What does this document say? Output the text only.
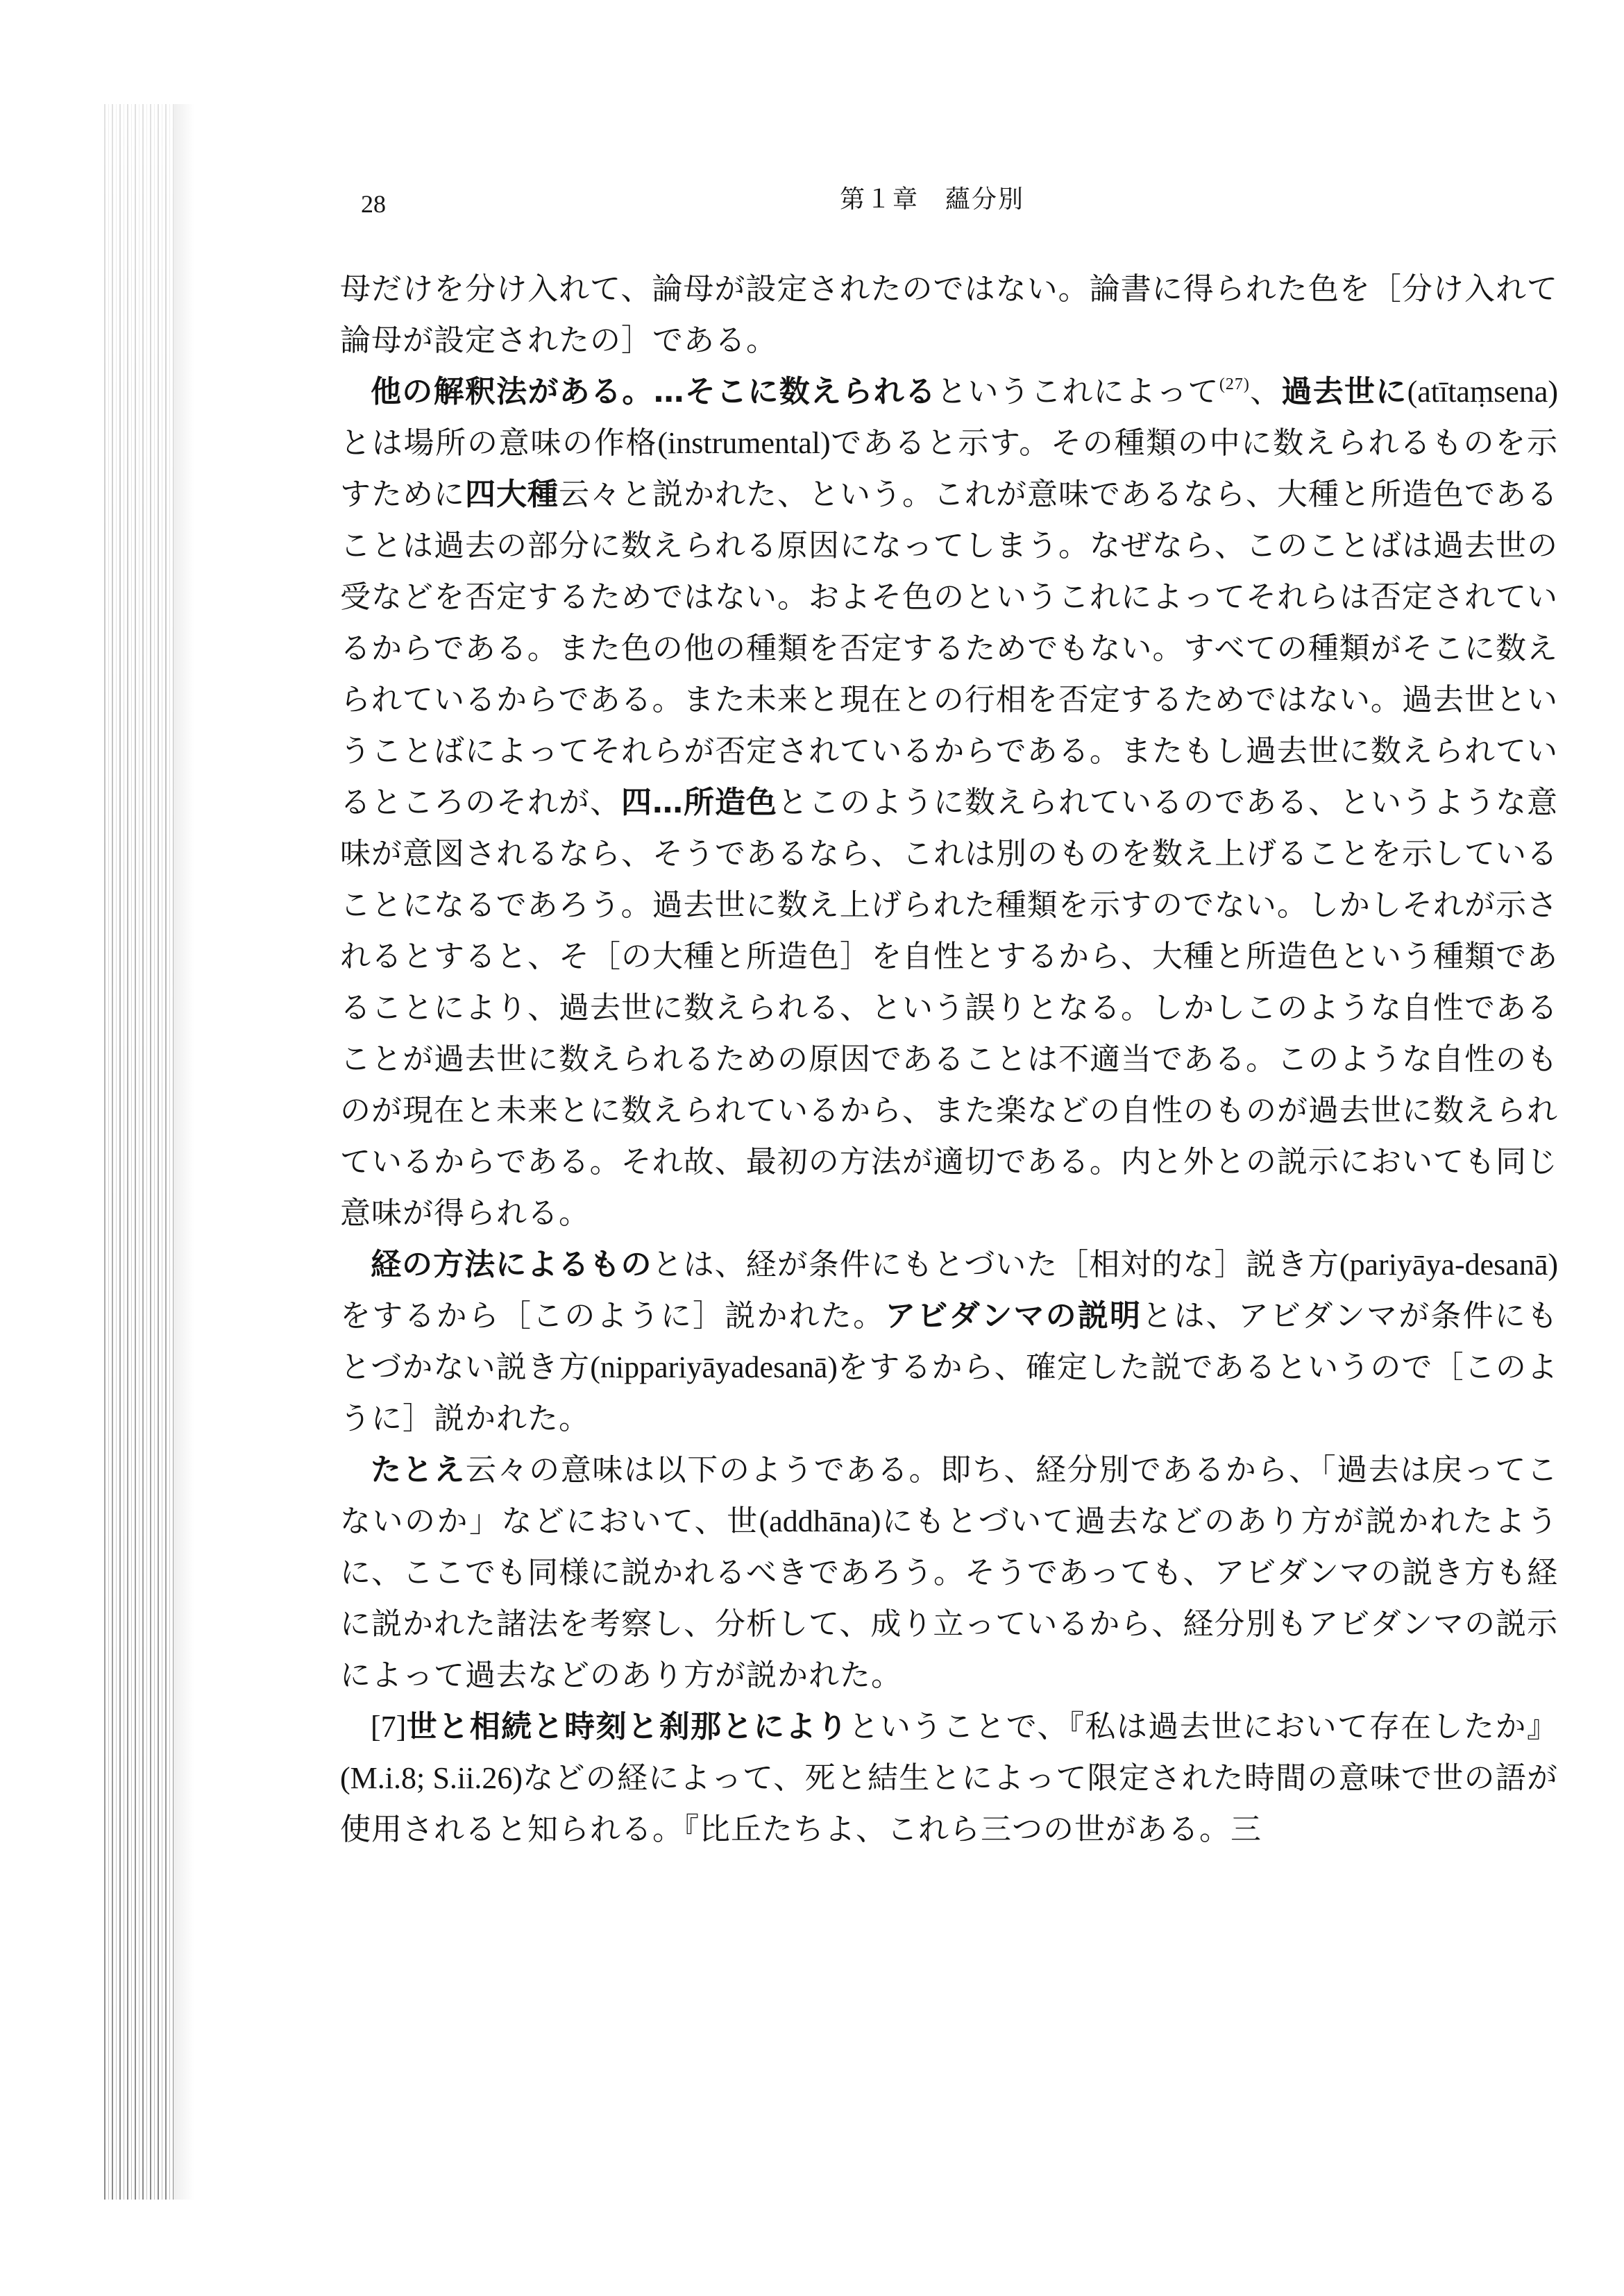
28	第１章　蘊分別

母だけを分け入れて、論母が設定されたのではない。論書に得られた色を［分け入れて論母が設定されたの］である。

他の解釈法がある。…そこに数えられるというこれによって$^{(27)}$、過去世に(atītaṃsena)とは場所の意味の作格(instrumental)であると示す。その種類の中に数えられるものを示すために四大種云々と説かれた、という。これが意味であるなら、大種と所造色であることは過去の部分に数えられる原因になってしまう。なぜなら、このことばは過去世の受などを否定するためではない。およそ色のというこれによってそれらは否定されているからである。また色の他の種類を否定するためでもない。すべての種類がそこに数えられているからである。また未来と現在との行相を否定するためではない。過去世ということばによってそれらが否定されているからである。またもし過去世に数えられているところのそれが、四…所造色とこのように数えられているのである、というような意味が意図されるなら、そうであるなら、これは別のものを数え上げることを示していることになるであろう。過去世に数え上げられた種類を示すのでない。しかしそれが示されるとすると、そ［の大種と所造色］を自性とするから、大種と所造色という種類であることにより、過去世に数えられる、という誤りとなる。しかしこのような自性であることが過去世に数えられるための原因であることは不適当である。このような自性のものが現在と未来とに数えられているから、また楽などの自性のものが過去世に数えられているからである。それ故、最初の方法が適切である。内と外との説示においても同じ意味が得られる。

経の方法によるものとは、経が条件にもとづいた［相対的な］説き方(pariyāya-desanā)をするから［このように］説かれた。アビダンマの説明とは、アビダンマが条件にもとづかない説き方(nippariyāyadesanā)をするから、確定した説であるというので［このように］説かれた。

たとえ云々の意味は以下のようである。即ち、経分別であるから、「過去は戻ってこないのか」などにおいて、世(addhāna)にもとづいて過去などのあり方が説かれたように、ここでも同様に説かれるべきであろう。そうであっても、アビダンマの説き方も経に説かれた諸法を考察し、分析して、成り立っているから、経分別もアビダンマの説示によって過去などのあり方が説かれた。

[7]世と相続と時刻と刹那とによりということで、『私は過去世において存在したか』(M.i.8; S.ii.26)などの経によって、死と結生とによって限定された時間の意味で世の語が使用されると知られる。『比丘たちよ、これら三つの世がある。三
